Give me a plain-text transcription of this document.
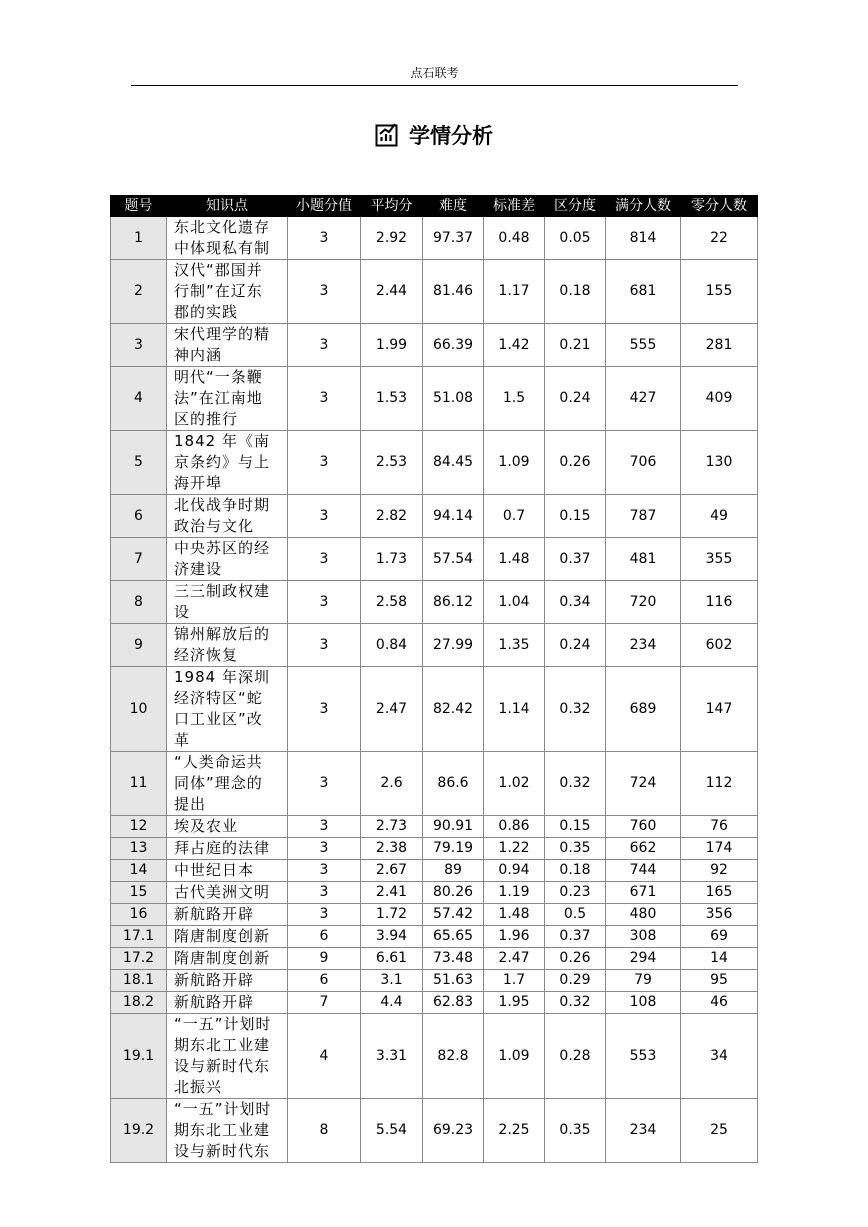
点石联考
学情分析
题号	知识点	小题分值	平均分	难度	标准差	区分度	满分人数	零分人数
1	东北文化遗存中体现私有制	3	2.92	97.37	0.48	0.05	814	22
2	汉代“郡国并行制”在辽东郡的实践	3	2.44	81.46	1.17	0.18	681	155
3	宋代理学的精神内涵	3	1.99	66.39	1.42	0.21	555	281
4	明代“一条鞭法”在江南地区的推行	3	1.53	51.08	1.5	0.24	427	409
5	1842 年《南京条约》与上海开埠	3	2.53	84.45	1.09	0.26	706	130
6	北伐战争时期政治与文化	3	2.82	94.14	0.7	0.15	787	49
7	中央苏区的经济建设	3	1.73	57.54	1.48	0.37	481	355
8	三三制政权建设	3	2.58	86.12	1.04	0.34	720	116
9	锦州解放后的经济恢复	3	0.84	27.99	1.35	0.24	234	602
10	1984 年深圳经济特区“蛇口工业区”改革	3	2.47	82.42	1.14	0.32	689	147
11	“人类命运共同体”理念的提出	3	2.6	86.6	1.02	0.32	724	112
12	埃及农业	3	2.73	90.91	0.86	0.15	760	76
13	拜占庭的法律	3	2.38	79.19	1.22	0.35	662	174
14	中世纪日本	3	2.67	89	0.94	0.18	744	92
15	古代美洲文明	3	2.41	80.26	1.19	0.23	671	165
16	新航路开辟	3	1.72	57.42	1.48	0.5	480	356
17.1	隋唐制度创新	6	3.94	65.65	1.96	0.37	308	69
17.2	隋唐制度创新	9	6.61	73.48	2.47	0.26	294	14
18.1	新航路开辟	6	3.1	51.63	1.7	0.29	79	95
18.2	新航路开辟	7	4.4	62.83	1.95	0.32	108	46
19.1	“一五”计划时期东北工业建设与新时代东北振兴	4	3.31	82.8	1.09	0.28	553	34
19.2	“一五”计划时期东北工业建设与新时代东	8	5.54	69.23	2.25	0.35	234	25
